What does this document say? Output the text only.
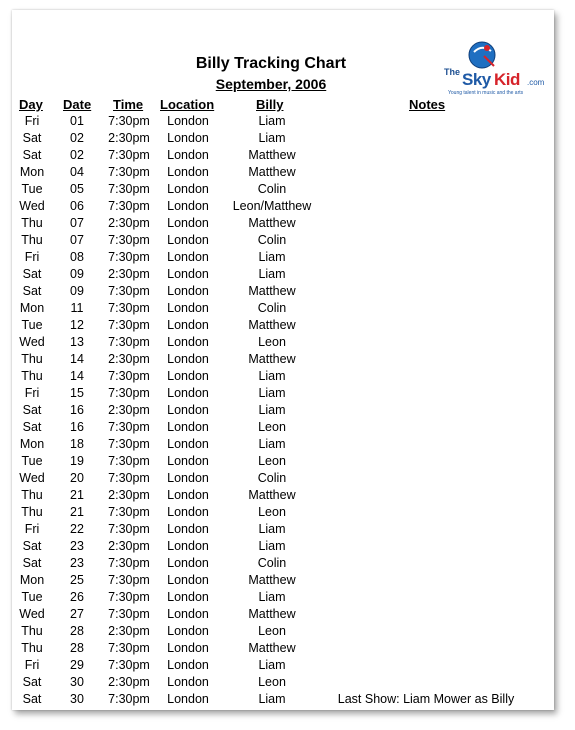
Billy Tracking Chart
September, 2006
The Sky Kid .com
Young talent in music and the arts
Day Date Time Location	Billy	Notes
Fri	01	7:30pm	London	Liam
Sat	02	2:30pm	London	Liam
Sat	02	7:30pm	London	Matthew
Mon	04	7:30pm	London	Matthew
Tue	05	7:30pm	London	Colin
Wed	06	7:30pm	London	Leon/Matthew
Thu	07	2:30pm	London	Matthew
Thu	07	7:30pm	London	Colin
Fri	08	7:30pm	London	Liam
Sat	09	2:30pm	London	Liam
Sat	09	7:30pm	London	Matthew
Mon	11	7:30pm	London	Colin
Tue	12	7:30pm	London	Matthew
Wed	13	7:30pm	London	Leon
Thu	14	2:30pm	London	Matthew
Thu	14	7:30pm	London	Liam
Fri	15	7:30pm	London	Liam
Sat	16	2:30pm	London	Liam
Sat	16	7:30pm	London	Leon
Mon	18	7:30pm	London	Liam
Tue	19	7:30pm	London	Leon
Wed	20	7:30pm	London	Colin
Thu	21	2:30pm	London	Matthew
Thu	21	7:30pm	London	Leon
Fri	22	7:30pm	London	Liam
Sat	23	2:30pm	London	Liam
Sat	23	7:30pm	London	Colin
Mon	25	7:30pm	London	Matthew
Tue	26	7:30pm	London	Liam
Wed	27	7:30pm	London	Matthew
Thu	28	2:30pm	London	Leon
Thu	28	7:30pm	London	Matthew
Fri	29	7:30pm	London	Liam
Sat	30	2:30pm	London	Leon
Sat	30	7:30pm	London	Liam	Last Show: Liam Mower as Billy
